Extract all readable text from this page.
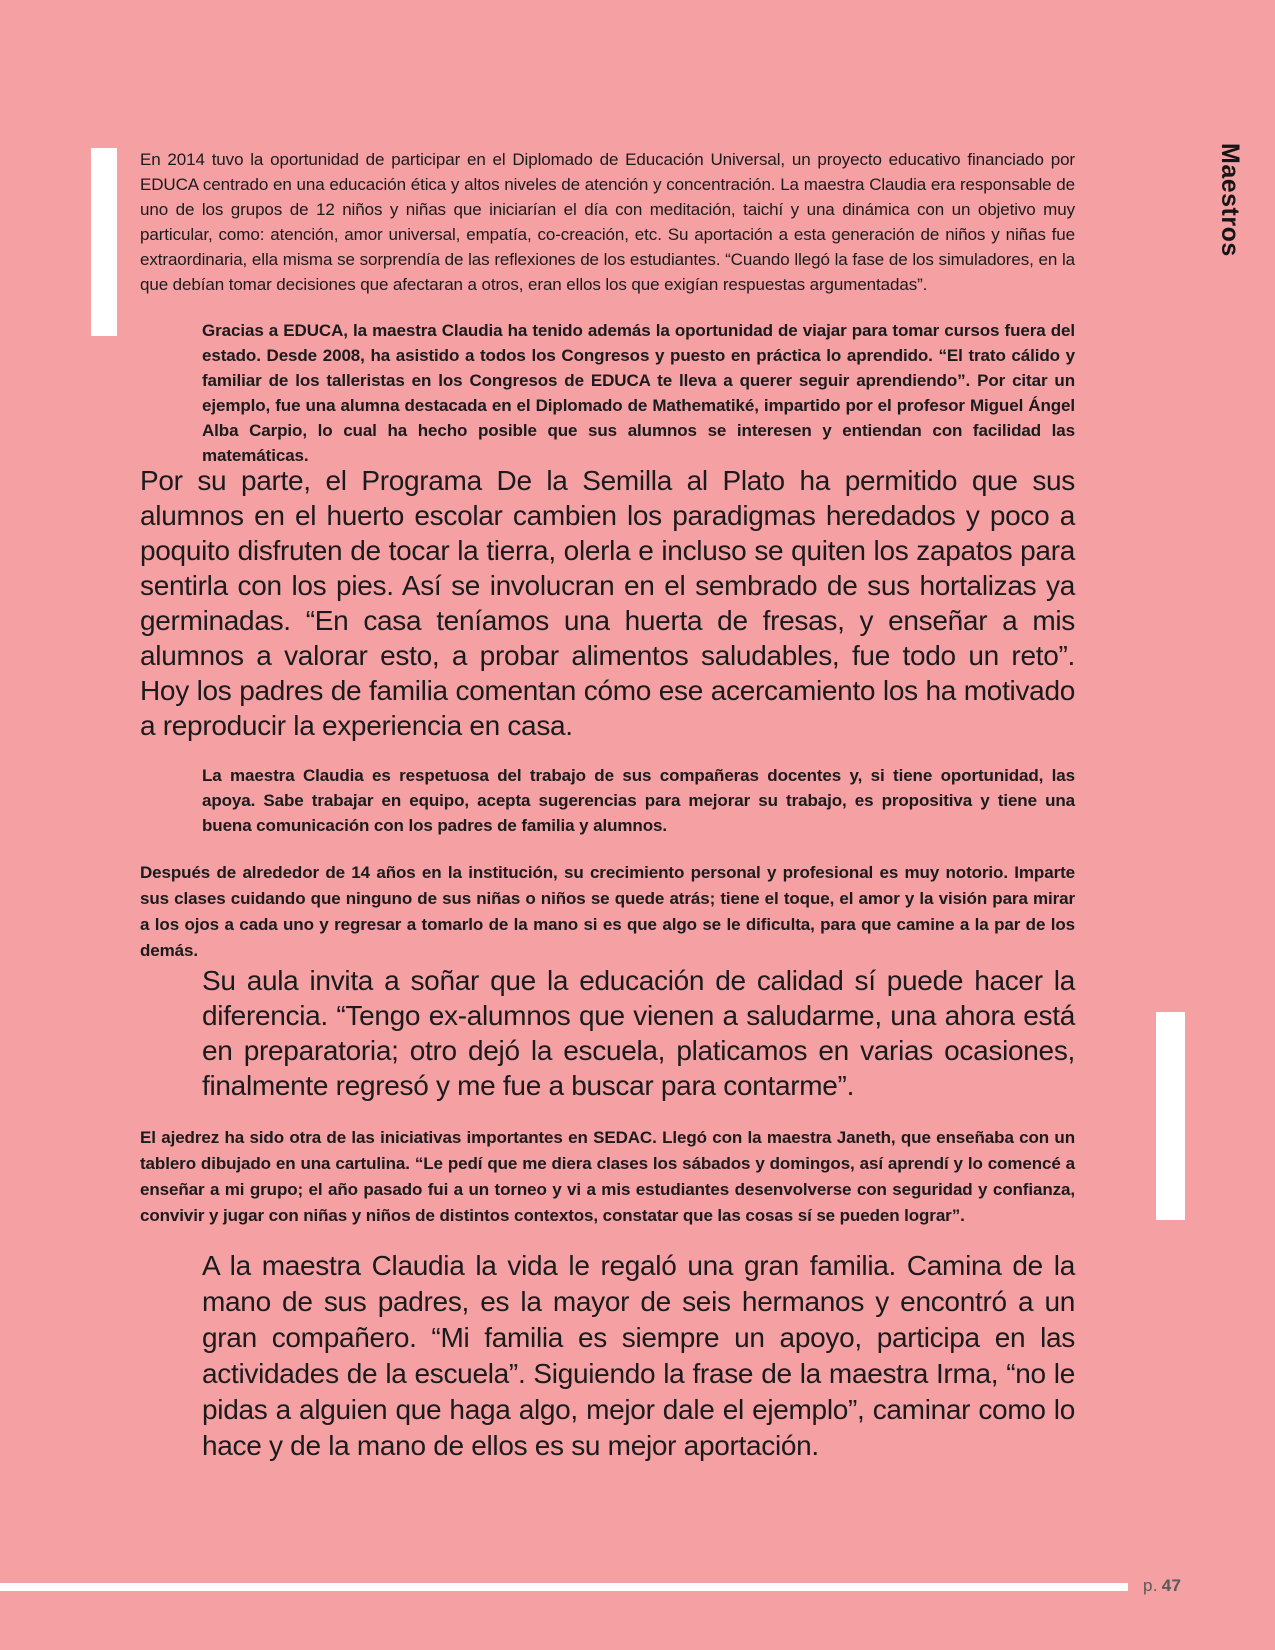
En 2014 tuvo la oportunidad de participar en el Diplomado de Educación Universal, un proyecto educativo financiado por EDUCA centrado en una educación ética y altos niveles de atención y concentración. La maestra Claudia era responsable de uno de los grupos de 12 niños y niñas que iniciarían el día con meditación, taichí y una dinámica con un objetivo muy particular, como: atención, amor universal, empatía, co-creación, etc. Su aportación a esta generación de niños y niñas fue extraordinaria, ella misma se sorprendía de las reflexiones de los estudiantes. “Cuando llegó la fase de los simuladores, en la que debían tomar decisiones que afectaran a otros, eran ellos los que exigían respuestas argumentadas”.

Gracias a EDUCA, la maestra Claudia ha tenido además la oportunidad de viajar para tomar cursos fuera del estado. Desde 2008, ha asistido a todos los Congresos y puesto en práctica lo aprendido. “El trato cálido y familiar de los talleristas en los Congresos de EDUCA te lleva a querer seguir aprendiendo”. Por citar un ejemplo, fue una alumna destacada en el Diplomado de Mathematiké, impartido por el profesor Miguel Ángel Alba Carpio, lo cual ha hecho posible que sus alumnos se interesen y entiendan con facilidad las matemáticas.

Por su parte, el Programa De la Semilla al Plato ha permitido que sus alumnos en el huerto escolar cambien los paradigmas heredados y poco a poquito disfruten de tocar la tierra, olerla e incluso se quiten los zapatos para sentirla con los pies. Así se involucran en el sembrado de sus hortalizas ya germinadas. “En casa teníamos una huerta de fresas, y enseñar a mis alumnos a valorar esto, a probar alimentos saludables, fue todo un reto”. Hoy los padres de familia comentan cómo ese acercamiento los ha motivado a reproducir la experiencia en casa.

La maestra Claudia es respetuosa del trabajo de sus compañeras docentes y, si tiene oportunidad, las apoya. Sabe trabajar en equipo, acepta sugerencias para mejorar su trabajo, es propositiva y tiene una buena comunicación con los padres de familia y alumnos.

Después de alrededor de 14 años en la institución, su crecimiento personal y profesional es muy notorio. Imparte sus clases cuidando que ninguno de sus niñas o niños se quede atrás; tiene el toque, el amor y la visión para mirar a los ojos a cada uno y regresar a tomarlo de la mano si es que algo se le dificulta, para que camine a la par de los demás.

Su aula invita a soñar que la educación de calidad sí puede hacer la diferencia. “Tengo ex-alumnos que vienen a saludarme, una ahora está en preparatoria; otro dejó la escuela, platicamos en varias ocasiones, finalmente regresó y me fue a buscar para contarme”.

El ajedrez ha sido otra de las iniciativas importantes en SEDAC. Llegó con la maestra Janeth, que enseñaba con un tablero dibujado en una cartulina. “Le pedí que me diera clases los sábados y domingos, así aprendí y lo comencé a enseñar a mi grupo; el año pasado fui a un torneo y vi a mis estudiantes desenvolverse con seguridad y confianza, convivir y jugar con niñas y niños de distintos contextos, constatar que las cosas sí se pueden lograr”.

A la maestra Claudia la vida le regaló una gran familia. Camina de la mano de sus padres, es la mayor de seis hermanos y encontró a un gran compañero. “Mi familia es siempre un apoyo, participa en las actividades de la escuela”. Siguiendo la frase de la maestra Irma, “no le pidas a alguien que haga algo, mejor dale el ejemplo”, caminar como lo hace y de la mano de ellos es su mejor aportación.

Maestros
p. 47
